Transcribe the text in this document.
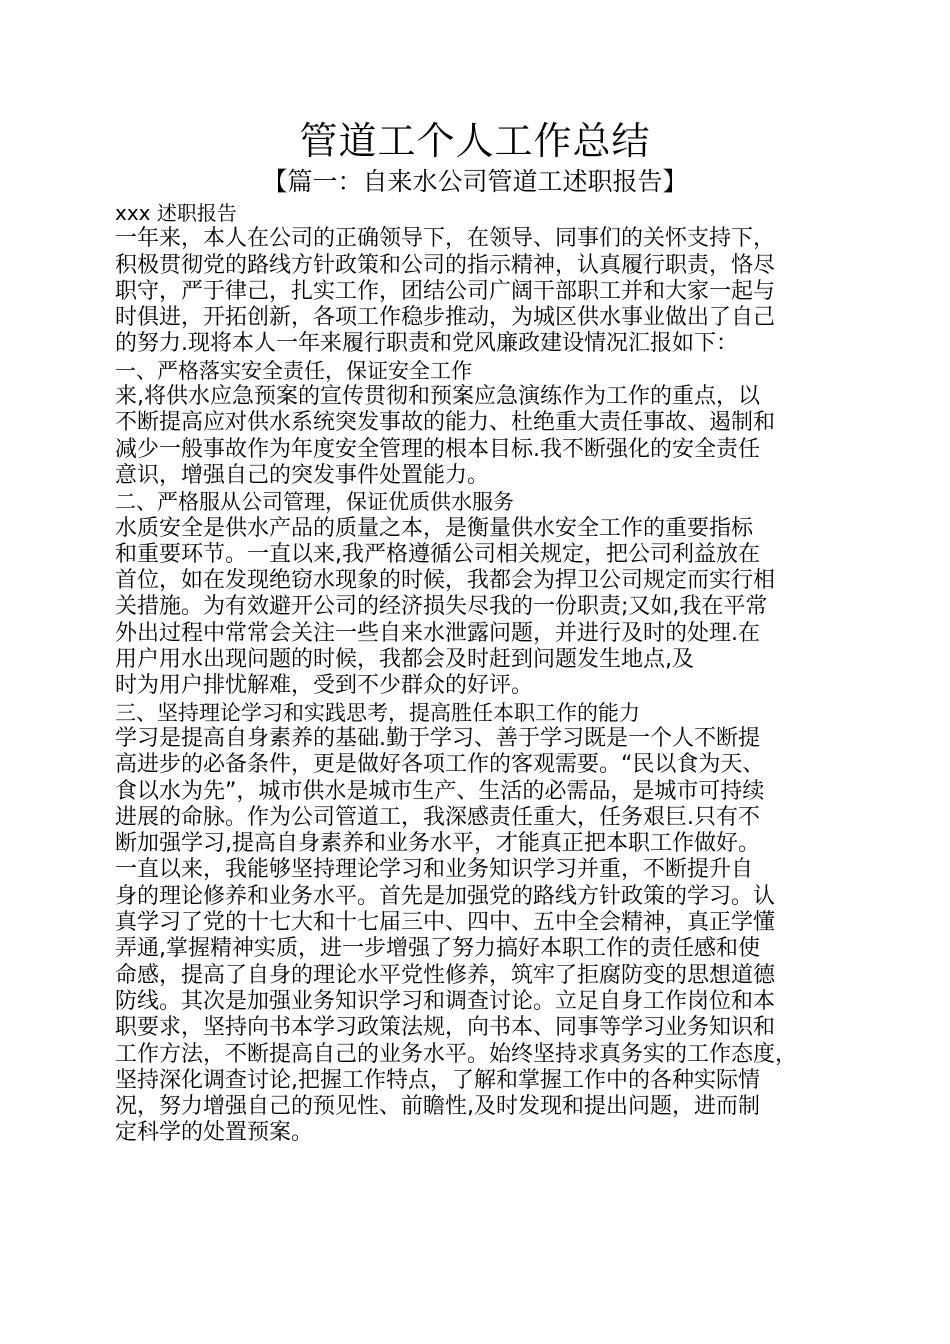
管道工个人工作总结
【篇一：自来水公司管道工述职报告】
xxx 述职报告
一年来，本人在公司的正确领导下，在领导、同事们的关怀支持下，
积极贯彻党的路线方针政策和公司的指示精神，认真履行职责，恪尽
职守，严于律己，扎实工作，团结公司广阔干部职工并和大家一起与
时俱进，开拓创新，各项工作稳步推动，为城区供水事业做出了自己
的努力.现将本人一年来履行职责和党风廉政建设情况汇报如下：
一、严格落实安全责任，保证安全工作
来,将供水应急预案的宣传贯彻和预案应急演练作为工作的重点，以
不断提高应对供水系统突发事故的能力、杜绝重大责任事故、遏制和
减少一般事故作为年度安全管理的根本目标.我不断强化的安全责任
意识，增强自己的突发事件处置能力。
二、严格服从公司管理，保证优质供水服务
水质安全是供水产品的质量之本，是衡量供水安全工作的重要指标
和重要环节。一直以来,我严格遵循公司相关规定，把公司利益放在
首位，如在发现绝窃水现象的时候，我都会为捍卫公司规定而实行相
关措施。为有效避开公司的经济损失尽我的一份职责;又如,我在平常
外出过程中常常会关注一些自来水泄露问题，并进行及时的处理.在
用户用水出现问题的时候，我都会及时赶到问题发生地点,及
时为用户排忧解难，受到不少群众的好评。
三、坚持理论学习和实践思考，提高胜任本职工作的能力
学习是提高自身素养的基础.勤于学习、善于学习既是一个人不断提
高进步的必备条件，更是做好各项工作的客观需要。“民以食为天、
食以水为先”，城市供水是城市生产、生活的必需品，是城市可持续
进展的命脉。作为公司管道工，我深感责任重大，任务艰巨.只有不
断加强学习,提高自身素养和业务水平，才能真正把本职工作做好。
一直以来，我能够坚持理论学习和业务知识学习并重，不断提升自
身的理论修养和业务水平。首先是加强党的路线方针政策的学习。认
真学习了党的十七大和十七届三中、四中、五中全会精神，真正学懂
弄通,掌握精神实质，进一步增强了努力搞好本职工作的责任感和使
命感，提高了自身的理论水平党性修养，筑牢了拒腐防变的思想道德
防线。其次是加强业务知识学习和调查讨论。立足自身工作岗位和本
职要求，坚持向书本学习政策法规，向书本、同事等学习业务知识和
工作方法，不断提高自己的业务水平。始终坚持求真务实的工作态度，
坚持深化调查讨论,把握工作特点，了解和掌握工作中的各种实际情
况，努力增强自己的预见性、前瞻性,及时发现和提出问题，进而制
定科学的处置预案。
